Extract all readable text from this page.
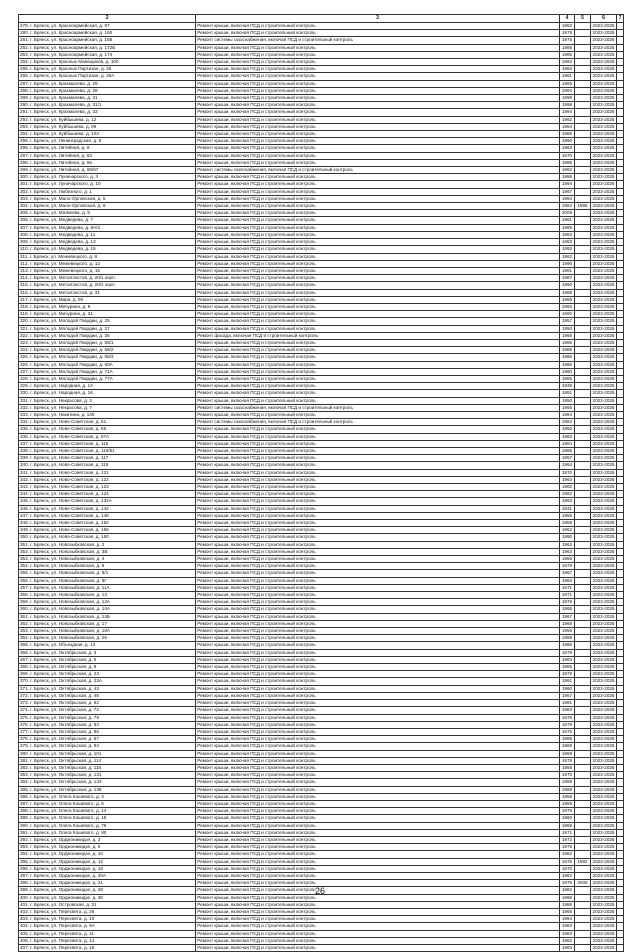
2	3	4	5	6	7
279. г. Брянск, ул. Красноармейская, д. 97	Ремонт крыши, включая ПСД и строительный контроль	1962		2023-2025	
280. г. Брянск, ул. Красноармейская, д. 160	Ремонт крыши, включая ПСД и строительный контроль	1978		2023-2025	
281. г. Брянск, ул. Красноармейская, д. 168	Ремонт системы газоснабжения, включая ПСД и строительный контроль	1976		2023-2025	
282. г. Брянск, ул. Красноармейская, д. 172Б	Ремонт крыши, включая ПСД и строительный контроль	1985		2023-2025	
283. г. Брянск, ул. Красноармейская, д. 174	Ремонт крыши, включая ПСД и строительный контроль	1985		2023-2025	
284. г. Брянск, ул. Красных Маевщиков, д. 100	Ремонт крыши, включая ПСД и строительный контроль	1994		2023-2025	
285. г. Брянск, ул. Красных Партизан, д. 25	Ремонт крыши, включая ПСД и строительный контроль	1984		2023-2025	
286. г. Брянск, ул. Красных Партизан, д. 26А	Ремонт крыши, включая ПСД и строительный контроль	1991		2023-2025	
287. г. Брянск, ул. Крахмалева, д. 29	Ремонт крыши, включая ПСД и строительный контроль	1965		2023-2025	
288. г. Брянск, ул. Крахмалева, д. 29	Ремонт крыши, включая ПСД и строительный контроль	1994		2023-2025	
289. г. Брянск, ул. Крахмалева, д. 31	Ремонт крыши, включая ПСД и строительный контроль	1998		2023-2025	
290. г. Брянск, ул. Крахмалева, д. 31/1	Ремонт крыши, включая ПСД и строительный контроль	1998		2023-2025	
291. г. Брянск, ул. Крахмалева, д. 33	Ремонт крыши, включая ПСД и строительный контроль	1994		2023-2025	
292. г. Брянск, ул. Куйбышева, д. 12	Ремонт крыши, включая ПСД и строительный контроль	1962		2023-2025	
293. г. Брянск, ул. Куйбышева, д. 99	Ремонт крыши, включая ПСД и строительный контроль	1984		2023-2025	
294. г. Брянск, ул. Куйбышева, д. 103	Ремонт крыши, включая ПСД и строительный контроль	1986		2023-2025	
295. г. Брянск, ул. Ленинградская, д. 5	Ремонт крыши, включая ПСД и строительный контроль	1990		2023-2025	
296. г. Брянск, ул. Литейная, д. 9	Ремонт крыши, включая ПСД и строительный контроль	1993		2023-2025	
297. г. Брянск, ул. Литейная, д. 53	Ремонт крыши, включая ПСД и строительный контроль	1970		2023-2025	
298. г. Брянск, ул. Литейная, д. 56	Ремонт крыши, включая ПСД и строительный контроль	1989		2023-2025	
299. г. Брянск, ул. Литейная, д. 68/67	Ремонт системы газоснабжения, включая ПСД и строительный контроль	1962		2023-2025	
300. г. Брянск, ул. Луначарского, д. 3	Ремонт крыши, включая ПСД и строительный контроль	1986		2023-2025	
301. г. Брянск, ул. Луначарского, д. 10	Ремонт крыши, включая ПСД и строительный контроль	1994		2023-2025	
302. г. Брянск, ул. Любезного, д. 1	Ремонт крыши, включая ПСД и строительный контроль	1967		2023-2025	
303. г. Брянск, ул. Мало-Орловская, д. 5	Ремонт крыши, включая ПСД и строительный контроль	1994		2023-2025	
304. г. Брянск, ул. Мало-Орловская, д. 9	Ремонт крыши, включая ПСД и строительный контроль	1964	1995	2023-2025	
305. г. Брянск, ул. Матвеева, д. 8	Ремонт крыши, включая ПСД и строительный контроль	2009		2023-2025	
306. г. Брянск, ул. Медведева, д. 7	Ремонт крыши, включая ПСД и строительный контроль	1991		2023-2025	
307. г. Брянск, ул. Медведева, д. 9А/2	Ремонт крыши, включая ПСД и строительный контроль	1989		2023-2025	
308. г. Брянск, ул. Медведева, д. 11	Ремонт крыши, включая ПСД и строительный контроль	1983		2023-2025	
309. г. Брянск, ул. Медведева, д. 13	Ремонт крыши, включая ПСД и строительный контроль	1983		2023-2025	
310. г. Брянск, ул. Медведева, д. 15	Ремонт крыши, включая ПСД и строительный контроль	1993		2023-2025	
311. г. Брянск, ул. Межевецкого, д. 8	Ремонт крыши, включая ПСД и строительный контроль	1982		2023-2025	
312. г. Брянск, ул. Межевецкого, д. 13	Ремонт крыши, включая ПСД и строительный контроль	1990		2023-2025	
313. г. Брянск, ул. Межевецкого, д. 15	Ремонт крыши, включая ПСД и строительный контроль	1981		2023-2025	
314. г. Брянск, ул. Металлистов, д. 20/1 корп.	Ремонт крыши, включая ПСД и строительный контроль	1987		2023-2025	
315. г. Брянск, ул. Металлистов, д. 20/2 корп.	Ремонт крыши, включая ПСД и строительный контроль	1990		2023-2025	
316. г. Брянск, ул. Металлистов, д. 31	Ремонт крыши, включая ПСД и строительный контроль	1988		2023-2025	
317. г. Брянск, ул. Мира, д. 90	Ремонт крыши, включая ПСД и строительный контроль	1986		2023-2025	
318. г. Брянск, ул. Мичурина, д. 8	Ремонт крыши, включая ПСД и строительный контроль	1993		2023-2025	
319. г. Брянск, ул. Мичурина, д. 31	Ремонт крыши, включая ПСД и строительный контроль	1990		2023-2025	
320. г. Брянск, ул. Молодой Гвардии, д. 25	Ремонт крыши, включая ПСД и строительный контроль	1957		2023-2025	
321. г. Брянск, ул. Молодой Гвардии, д. 27	Ремонт крыши, включая ПСД и строительный контроль	1950		2023-2025	
322. г. Брянск, ул. Молодой Гвардии, д. 36	Ремонт фасада, включая ПСД и строительный контроль	1968		2023-2025	
323. г. Брянск, ул. Молодой Гвардии, д. 58/1	Ремонт крыши, включая ПСД и строительный контроль	1985		2023-2025	
324. г. Брянск, ул. Молодой Гвардии, д. 58/2	Ремонт крыши, включая ПСД и строительный контроль	1985		2023-2025	
325. г. Брянск, ул. Молодой Гвардии, д. 58/3	Ремонт крыши, включая ПСД и строительный контроль	1986		2023-2025	
326. г. Брянск, ул. Молодой Гвардии, д. 60А	Ремонт крыши, включая ПСД и строительный контроль	1986		2023-2025	
327. г. Брянск, ул. Молодой Гвардии, д. 71А	Ремонт крыши, включая ПСД и строительный контроль	1990		2023-2025	
328. г. Брянск, ул. Молодой Гвардии, д. 77А	Ремонт крыши, включая ПСД и строительный контроль	1985		2023-2025	
329. г. Брянск, ул. Народная, д. 14	Ремонт крыши, включая ПСД и строительный контроль	1938		2023-2025	
330. г. Брянск, ул. Народная, д. 16	Ремонт крыши, включая ПСД и строительный контроль	1881		2023-2025	
331. г. Брянск, ул. Некрасова, д. 2	Ремонт крыши, включая ПСД и строительный контроль	1950		2023-2025	
332. г. Брянск, ул. Некрасова, д. 7	Ремонт системы газоснабжения, включая ПСД и строительный контроль	1955		2023-2025	
333. г. Брянск, ул. Никитина, д. 145	Ремонт крыши, включая ПСД и строительный контроль	1984		2023-2025	
334. г. Брянск, ул. Ново-Советская, д. 61	Ремонт системы газоснабжения, включая ПСД и строительный контроль	1964		2023-2025	
335. г. Брянск, ул. Ново-Советская, д. 65	Ремонт крыши, включая ПСД и строительный контроль	1950		2023-2025	
336. г. Брянск, ул. Ново-Советская, д. 87А	Ремонт крыши, включая ПСД и строительный контроль	1983		2023-2025	
337. г. Брянск, ул. Ново-Советская, д. 115	Ремонт крыши, включая ПСД и строительный контроль	1964		2023-2025	
338. г. Брянск, ул. Ново-Советская, д. 116/51	Ремонт крыши, включая ПСД и строительный контроль	1968		2023-2025	
339. г. Брянск, ул. Ново-Советская, д. 117	Ремонт крыши, включая ПСД и строительный контроль	1957		2023-2025	
340. г. Брянск, ул. Ново-Советская, д. 119	Ремонт крыши, включая ПСД и строительный контроль	1964		2023-2025	
341. г. Брянск, ул. Ново-Советская, д. 121	Ремонт крыши, включая ПСД и строительный контроль	1970		2023-2025	
342. г. Брянск, ул. Ново-Советская, д. 122	Ремонт крыши, включая ПСД и строительный контроль	1963		2023-2025	
343. г. Брянск, ул. Ново-Советская, д. 123	Ремонт крыши, включая ПСД и строительный контроль	1982		2023-2025	
344. г. Брянск, ул. Ново-Советская, д. 124	Ремонт крыши, включая ПСД и строительный контроль	1962		2023-2025	
345. г. Брянск, ул. Ново-Советская, д. 132А	Ремонт крыши, включая ПСД и строительный контроль	1993		2023-2025	
346. г. Брянск, ул. Ново-Советская, д. 142	Ремонт крыши, включая ПСД и строительный контроль	1931		2023-2025	
347. г. Брянск, ул. Ново-Советская, д. 148	Ремонт крыши, включая ПСД и строительный контроль	1958		2023-2025	
348. г. Брянск, ул. Ново-Советская, д. 152	Ремонт крыши, включая ПСД и строительный контроль	1959		2023-2025	
349. г. Брянск, ул. Ново-Советская, д. 156	Ремонт крыши, включая ПСД и строительный контроль	1962		2023-2025	
350. г. Брянск, ул. Ново-Советская, д. 160	Ремонт крыши, включая ПСД и строительный контроль	1990		2023-2025	
351. г. Брянск, ул. Новозыбковская, д. 2	Ремонт крыши, включая ПСД и строительный контроль	1962		2023-2025	
352. г. Брянск, ул. Новозыбковская, д. 3В	Ремонт крыши, включая ПСД и строительный контроль	1963		2023-2025	
353. г. Брянск, ул. Новозыбковская, д. 4	Ремонт крыши, включая ПСД и строительный контроль	1966		2023-2025	
354. г. Брянск, ул. Новозыбковская, д. 6	Ремонт крыши, включая ПСД и строительный контроль	1979		2023-2025	
355. г. Брянск, ул. Новозыбковская, д. 8/1	Ремонт крыши, включая ПСД и строительный контроль	1967		2023-2025	
356. г. Брянск, ул. Новозыбковская, д. 8Г	Ремонт крыши, включая ПСД и строительный контроль	1984		2023-2025	
357. г. Брянск, ул. Новозыбковская, д. 11А	Ремонт крыши, включая ПСД и строительный контроль	1971		2023-2025	
358. г. Брянск, ул. Новозыбковская, д. 13	Ремонт крыши, включая ПСД и строительный контроль	1971		2023-2025	
359. г. Брянск, ул. Новозыбковская, д. 13А	Ремонт крыши, включая ПСД и строительный контроль	1976		2023-2025	
360. г. Брянск, ул. Новозыбковская, д. 14А	Ремонт крыши, включая ПСД и строительный контроль	1966		2023-2025	
361. г. Брянск, ул. Новозыбковская, д. 14Б	Ремонт крыши, включая ПСД и строительный контроль	1967		2023-2025	
362. г. Брянск, ул. Новозыбковская, д. 17	Ремонт крыши, включая ПСД и строительный контроль	1968		2023-2025	
363. г. Брянск, ул. Новозыбковская, д. 18А	Ремонт крыши, включая ПСД и строительный контроль	1956		2023-2025	
364. г. Брянск, ул. Новозыбковская, д. 26	Ремонт крыши, включая ПСД и строительный контроль	1958		2023-2025	
365. г. Брянск, ул. Объездная, д. 13	Ремонт крыши, включая ПСД и строительный контроль	1986		2023-2025	
366. г. Брянск, ул. Октябрьская, д. 3	Ремонт крыши, включая ПСД и строительный контроль	1979		2023-2025	
367. г. Брянск, ул. Октябрьская, д. 5	Ремонт крыши, включая ПСД и строительный контроль	1983		2023-2025	
368. г. Брянск, ул. Октябрьская, д. 9	Ремонт крыши, включая ПСД и строительный контроль	1985		2023-2025	
369. г. Брянск, ул. Октябрьская, д. 23	Ремонт крыши, включая ПСД и строительный контроль	1979		2023-2025	
370. г. Брянск, ул. Октябрьская, д. 23А	Ремонт крыши, включая ПСД и строительный контроль	1961		2023-2025	
371. г. Брянск, ул. Октябрьская, д. 43	Ремонт крыши, включая ПСД и строительный контроль	1960		2023-2025	
372. г. Брянск, ул. Октябрьская, д. 46	Ремонт крыши, включая ПСД и строительный контроль	1957		2023-2025	
373. г. Брянск, ул. Октябрьская, д. 62	Ремонт крыши, включая ПСД и строительный контроль	1981		2023-2025	
374. г. Брянск, ул. Октябрьская, д. 72	Ремонт крыши, включая ПСД и строительный контроль	1983		2023-2025	
375. г. Брянск, ул. Октябрьская, д. 79	Ремонт крыши, включая ПСД и строительный контроль	1976		2023-2025	
376. г. Брянск, ул. Октябрьская, д. 83	Ремонт крыши, включая ПСД и строительный контроль	1979		2023-2025	
377. г. Брянск, ул. Октябрьская, д. 86	Ремонт крыши, включая ПСД и строительный контроль	1975		2023-2025	
378. г. Брянск, ул. Октябрьская, д. 87	Ремонт крыши, включая ПСД и строительный контроль	1988		2023-2025	
379. г. Брянск, ул. Октябрьская, д. 94	Ремонт крыши, включая ПСД и строительный контроль	1969		2023-2025	
380. г. Брянск, ул. Октябрьская, д. 101	Ремонт крыши, включая ПСД и строительный контроль	1969		2023-2025	
381. г. Брянск, ул. Октябрьская, д. 114	Ремонт крыши, включая ПСД и строительный контроль	1978		2023-2025	
382. г. Брянск, ул. Октябрьская, д. 116	Ремонт крыши, включая ПСД и строительный контроль	1956		2023-2025	
383. г. Брянск, ул. Октябрьская, д. 131	Ремонт крыши, включая ПСД и строительный контроль	1970		2023-2025	
384. г. Брянск, ул. Октябрьская, д. 133	Ремонт крыши, включая ПСД и строительный контроль	1958		2023-2025	
385. г. Брянск, ул. Октябрьская, д. 139	Ремонт крыши, включая ПСД и строительный контроль	1968		2023-2025	
386. г. Брянск, ул. Олега Кошевого, д. 3	Ремонт крыши, включая ПСД и строительный контроль	1958		2023-2025	
387. г. Брянск, ул. Олега Кошевого, д. 6	Ремонт крыши, включая ПСД и строительный контроль	1959		2023-2025	
388. г. Брянск, ул. Олега Кошевого, д. 14	Ремонт крыши, включая ПСД и строительный контроль	1978		2023-2025	
389. г. Брянск, ул. Олега Кошевого, д. 18	Ремонт крыши, включая ПСД и строительный контроль	1960		2023-2025	
390. г. Брянск, ул. Олега Кошевого, д. 76	Ремонт крыши, включая ПСД и строительный контроль	1969		2023-2025	
391. г. Брянск, ул. Олега Кошевого, д. 80	Ремонт крыши, включая ПСД и строительный контроль	1971		2023-2025	
392. г. Брянск, ул. Орджоникидзе, д. 3	Ремонт крыши, включая ПСД и строительный контроль	1972		2023-2025	
393. г. Брянск, ул. Орджоникидзе, д. 6	Ремонт крыши, включая ПСД и строительный контроль	1976		2023-2025	
394. г. Брянск, ул. Орджоникидзе, д. 10	Ремонт крыши, включая ПСД и строительный контроль	1982		2023-2025	
395. г. Брянск, ул. Орджоникидзе, д. 12	Ремонт крыши, включая ПСД и строительный контроль	1975	1992	2023-2025	
396. г. Брянск, ул. Орджоникидзе, д. 18	Ремонт крыши, включая ПСД и строительный контроль	1970		2023-2025	
397. г. Брянск, ул. Орджоникидзе, д. 20А	Ремонт крыши, включая ПСД и строительный контроль	1982		2023-2025	
398. г. Брянск, ул. Орджоникидзе, д. 21	Ремонт крыши, включая ПСД и строительный контроль	1975	2006	2023-2025	
399. г. Брянск, ул. Орджоникидзе, д. 28	Ремонт крыши, включая ПСД и строительный контроль	1982		2023-2025	
400. г. Брянск, ул. Орджоникидзе, д. 30	Ремонт крыши, включая ПСД и строительный контроль	1966		2023-2025	
401. г. Брянск, ул. Островская, д. 31	Ремонт крыши, включая ПСД и строительный контроль	1986		2023-2025	
402. г. Брянск, ул. Пересвета, д. 36	Ремонт крыши, включая ПСД и строительный контроль	1965		2023-2025	
403. г. Брянск, ул. Пересвета, д. 10	Ремонт крыши, включая ПСД и строительный контроль	1994		2023-2025	
404. г. Брянск, ул. Пересвета, д. 8А	Ремонт крыши, включая ПСД и строительный контроль	1983		2023-2025	
405. г. Брянск, ул. Пересвета, д. 11	Ремонт крыши, включая ПСД и строительный контроль	1983		2023-2025	
406. г. Брянск, ул. Пересвета, д. 14	Ремонт крыши, включая ПСД и строительный контроль	1982		2023-2025	
407. г. Брянск, ул. Пересвета, д. 16	Ремонт крыши, включая ПСД и строительный контроль	1983		2023-2025	
26
